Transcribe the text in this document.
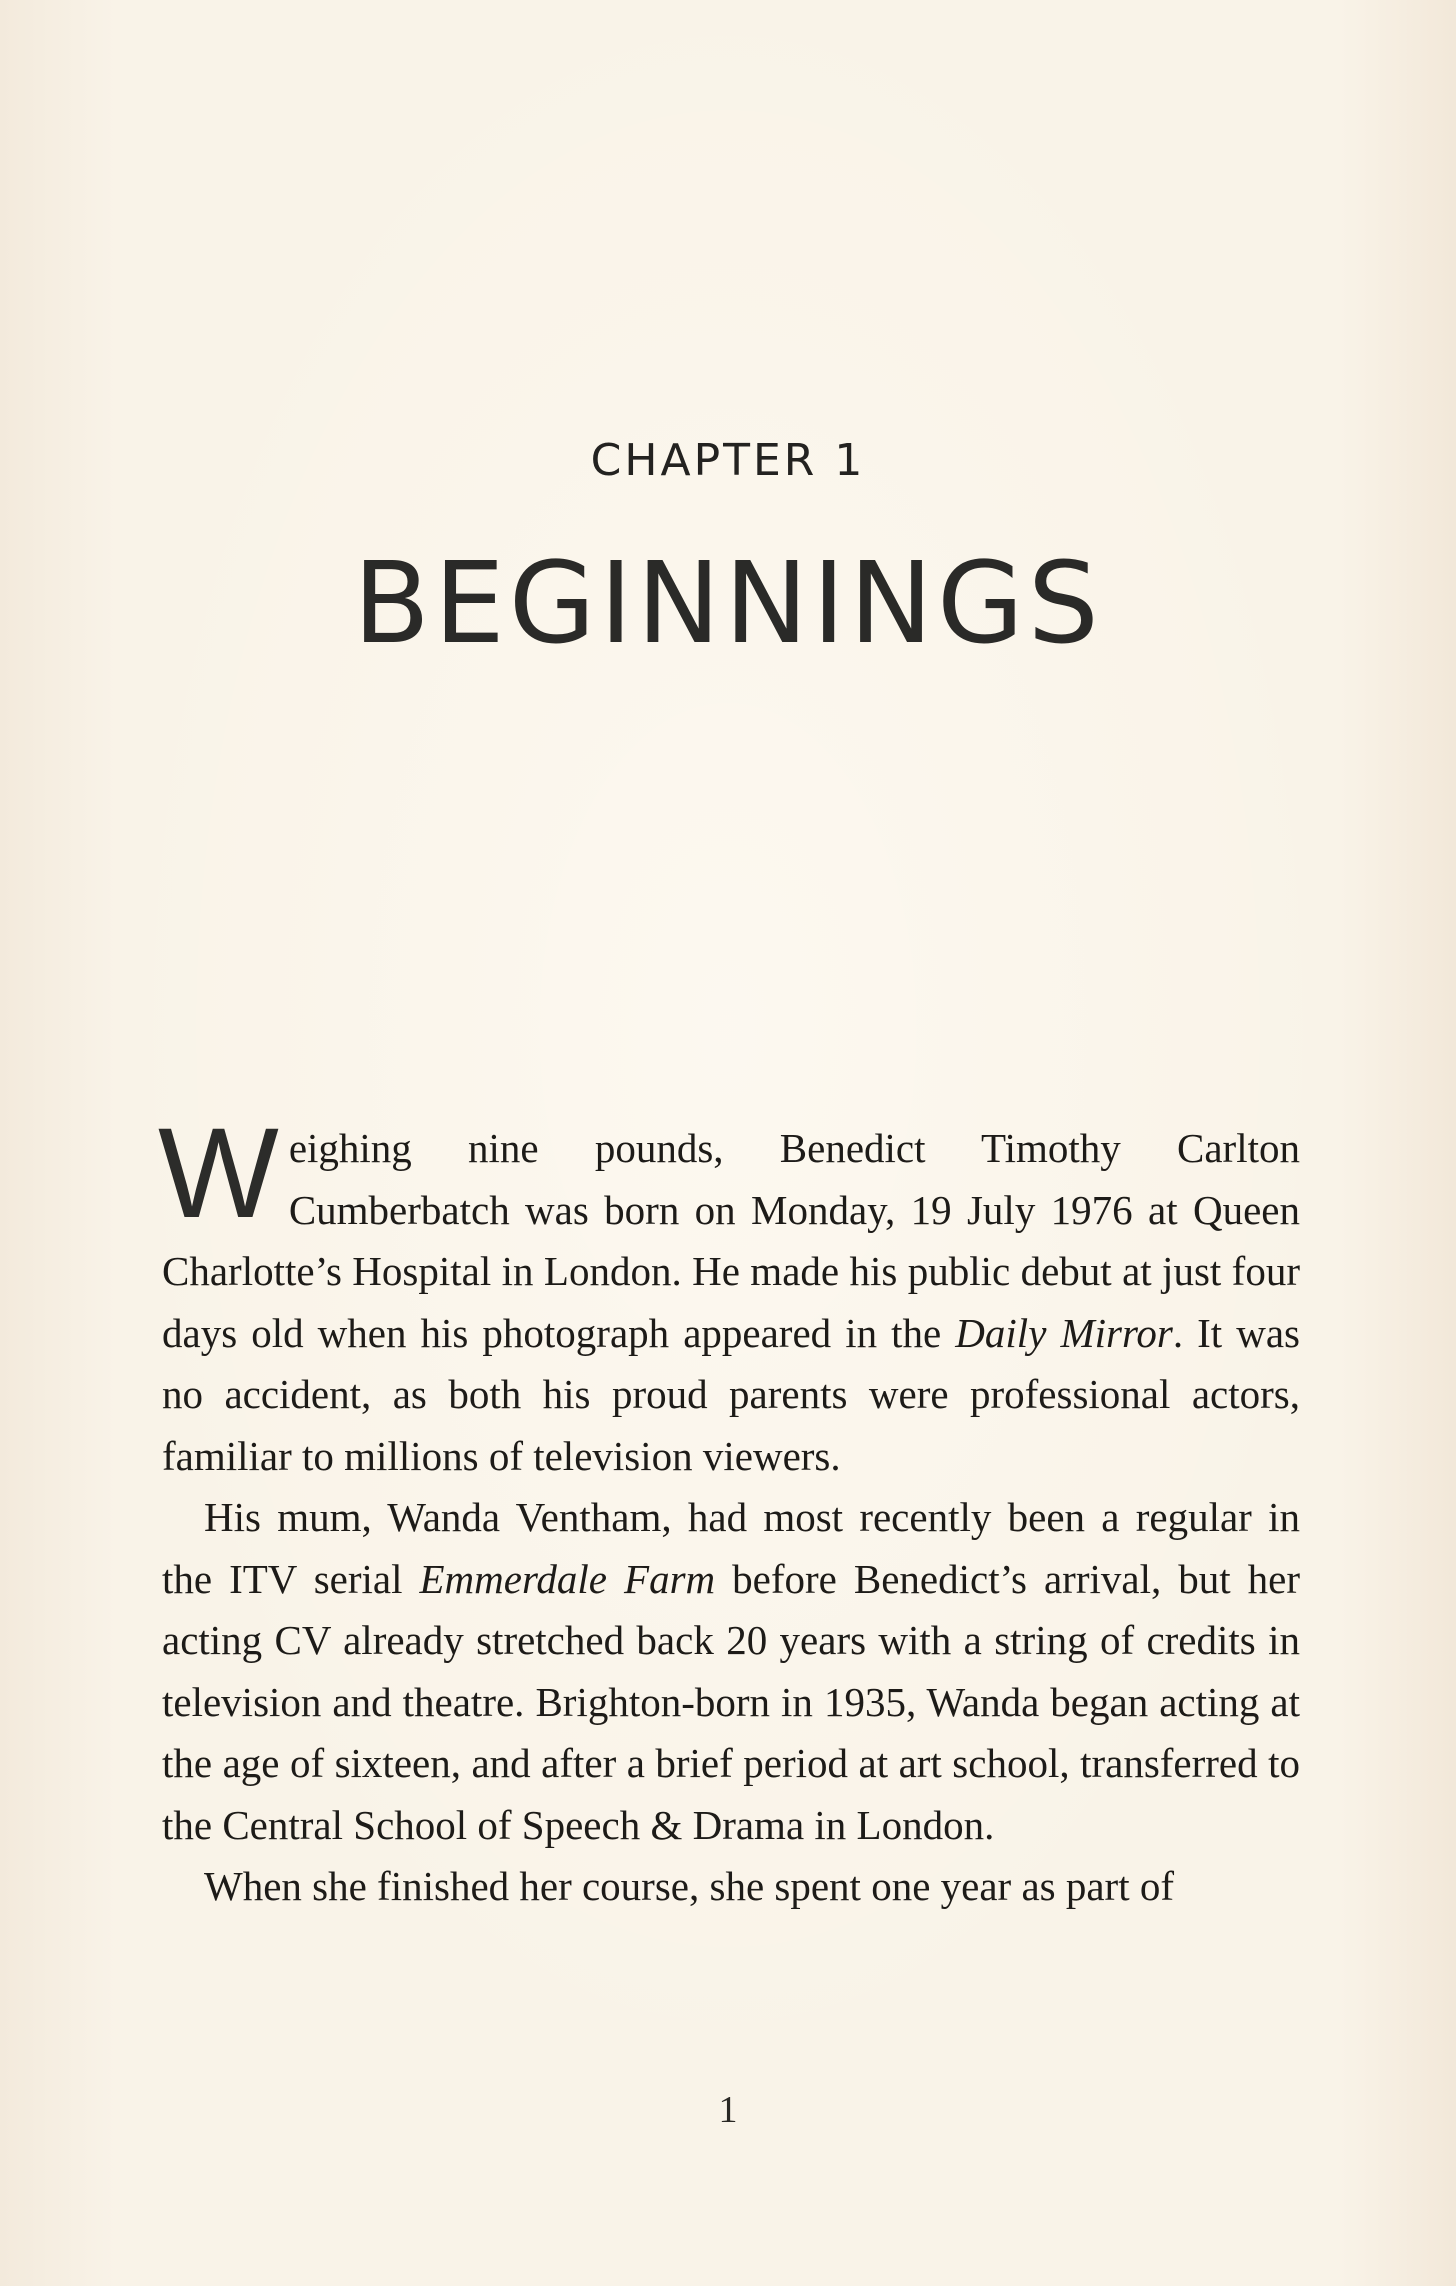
CHAPTER 1
BEGINNINGS

Weighing nine pounds, Benedict Timothy Carlton Cumberbatch was born on Monday, 19 July 1976 at Queen Charlotte’s Hospital in London. He made his public debut at just four days old when his photograph appeared in the Daily Mirror. It was no accident, as both his proud parents were professional actors, familiar to millions of television viewers.

His mum, Wanda Ventham, had most recently been a regular in the ITV serial Emmerdale Farm before Benedict’s arrival, but her acting CV already stretched back 20 years with a string of credits in television and theatre. Brighton-born in 1935, Wanda began acting at the age of sixteen, and after a brief period at art school, transferred to the Central School of Speech & Drama in London.

When she finished her course, she spent one year as part of

1
